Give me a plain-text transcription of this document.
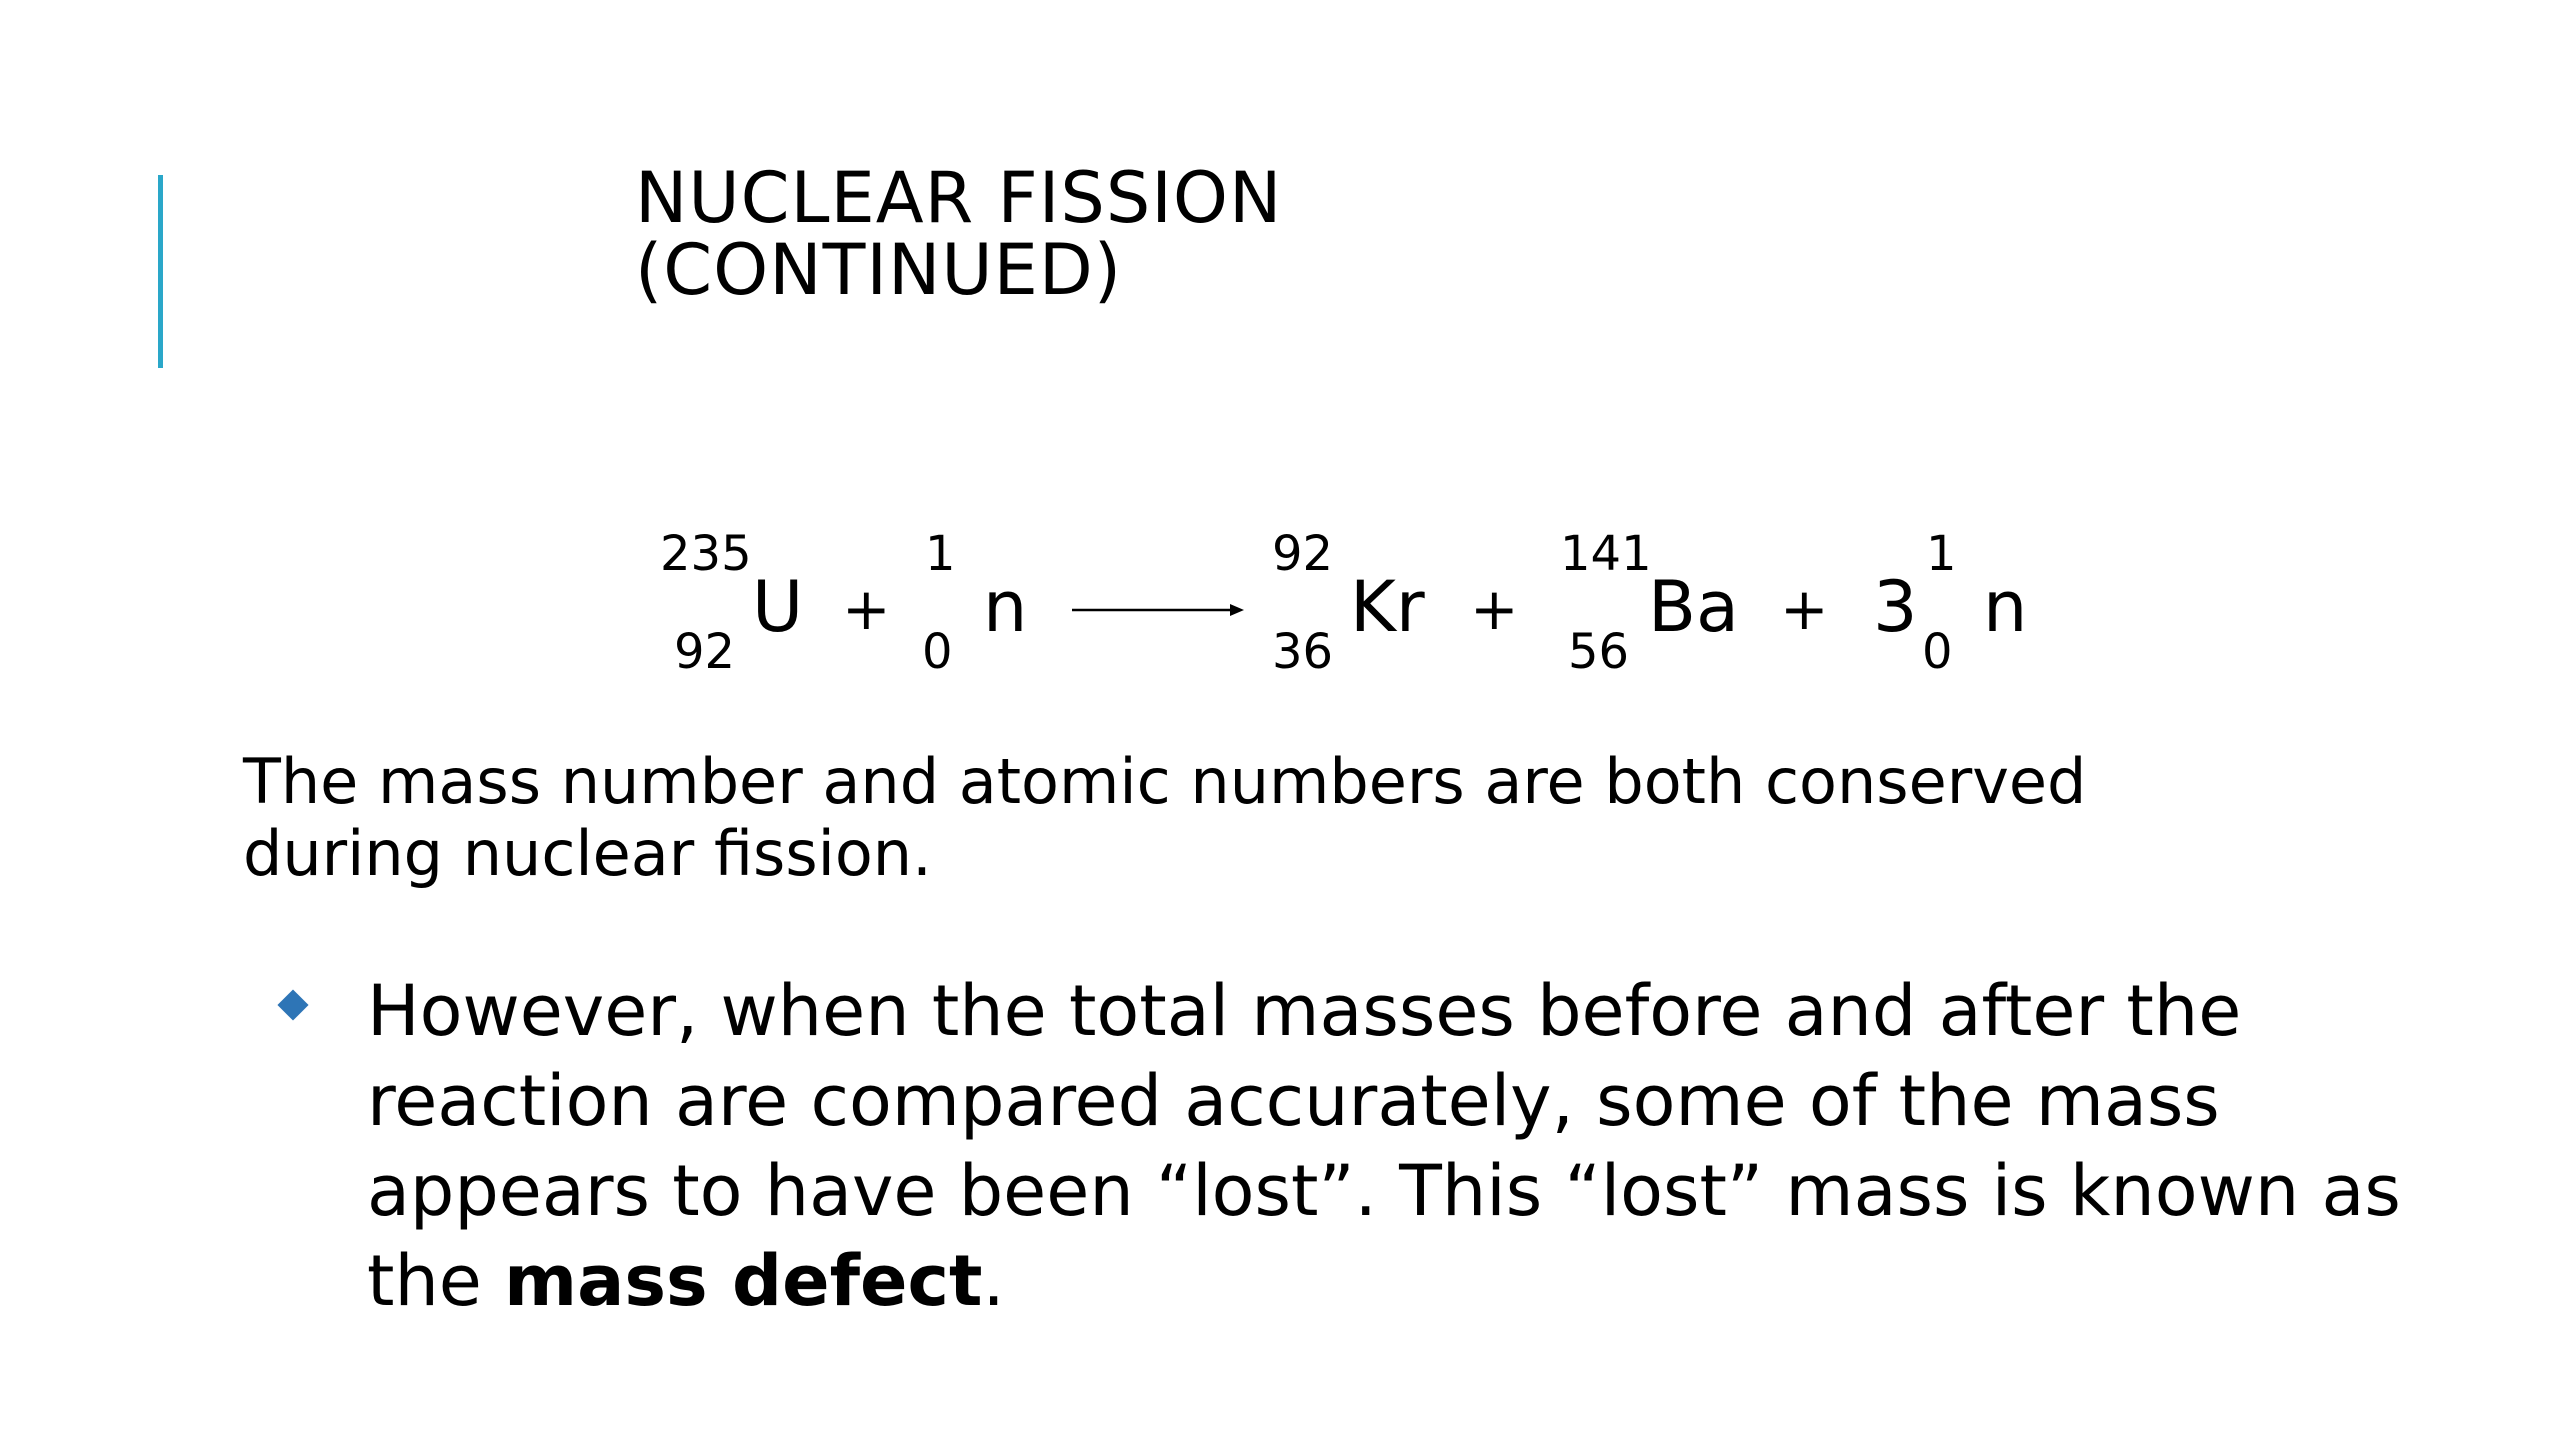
NUCLEAR FISSION
(CONTINUED)
235
92
U +
1
0
n
92
36
Kr +
141
56
Ba + 3
1
0
n

The mass number and atomic numbers are both conserved during nuclear fission.

However, when the total masses before and after the reaction are compared accurately, some of the mass appears to have been “lost”. This “lost” mass is known as the mass defect.
